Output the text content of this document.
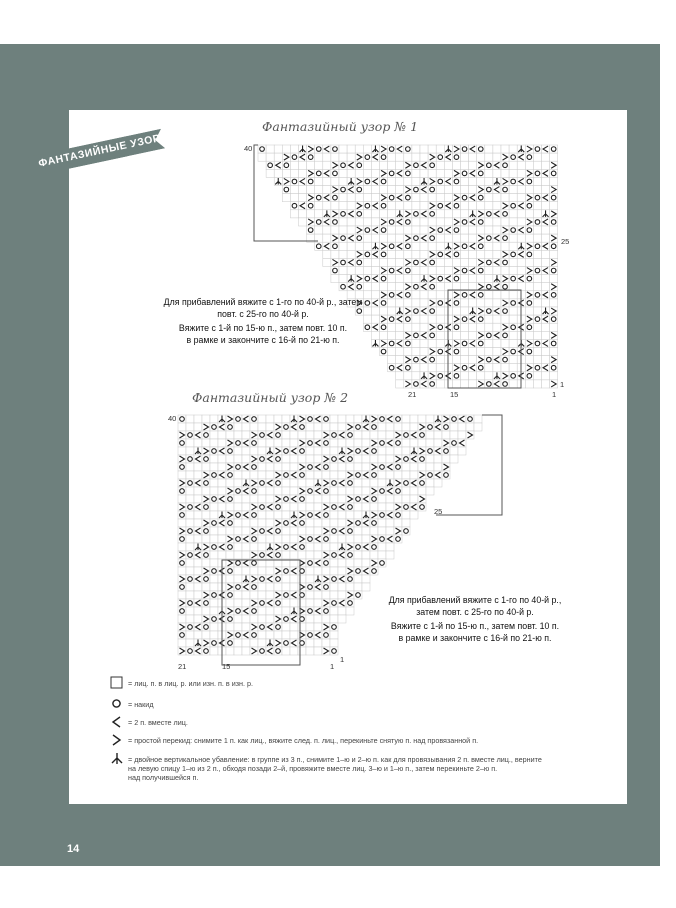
ФАНТАЗИЙНЫЕ УЗОРЫ
Фантазийный узор № 1
Фантазийный узор № 2
40
25
1
21	15	1
Для прибавлений вяжите с 1-го по 40-й р., затем
повт. с 25-го по 40-й р.
Вяжите с 1-й по 15-ю п., затем повт. 10 п.
в рамке и закончите с 16-й по 21-ю п.
40
25
1
21	15	1
Для прибавлений вяжите с 1-го по 40-й р.,
затем повт. с 25-го по 40-й р.
Вяжите с 1-й по 15-ю п., затем повт. 10 п.
в рамке и закончите с 16-й по 21-ю п.
= лиц. п. в лиц. р. или изн. п. в изн. р.
= накид
= 2 п. вместе лиц.
= простой перекид: снимите 1 п. как лиц., вяжите след. п. лиц., перекиньте снятую п. над провязанной п.
= двойное вертикальное убавление: в группе из 3 п., снимите 1–ю и 2–ю п. как для провязывания 2 п. вместе лиц., верните
на левую спицу 1–ю из 2 п., обходя позади 2–й, провяжите вместе лиц. 3–ю и 1–ю п., затем перекиньте 2–ю п.
над получившейся п.
14
